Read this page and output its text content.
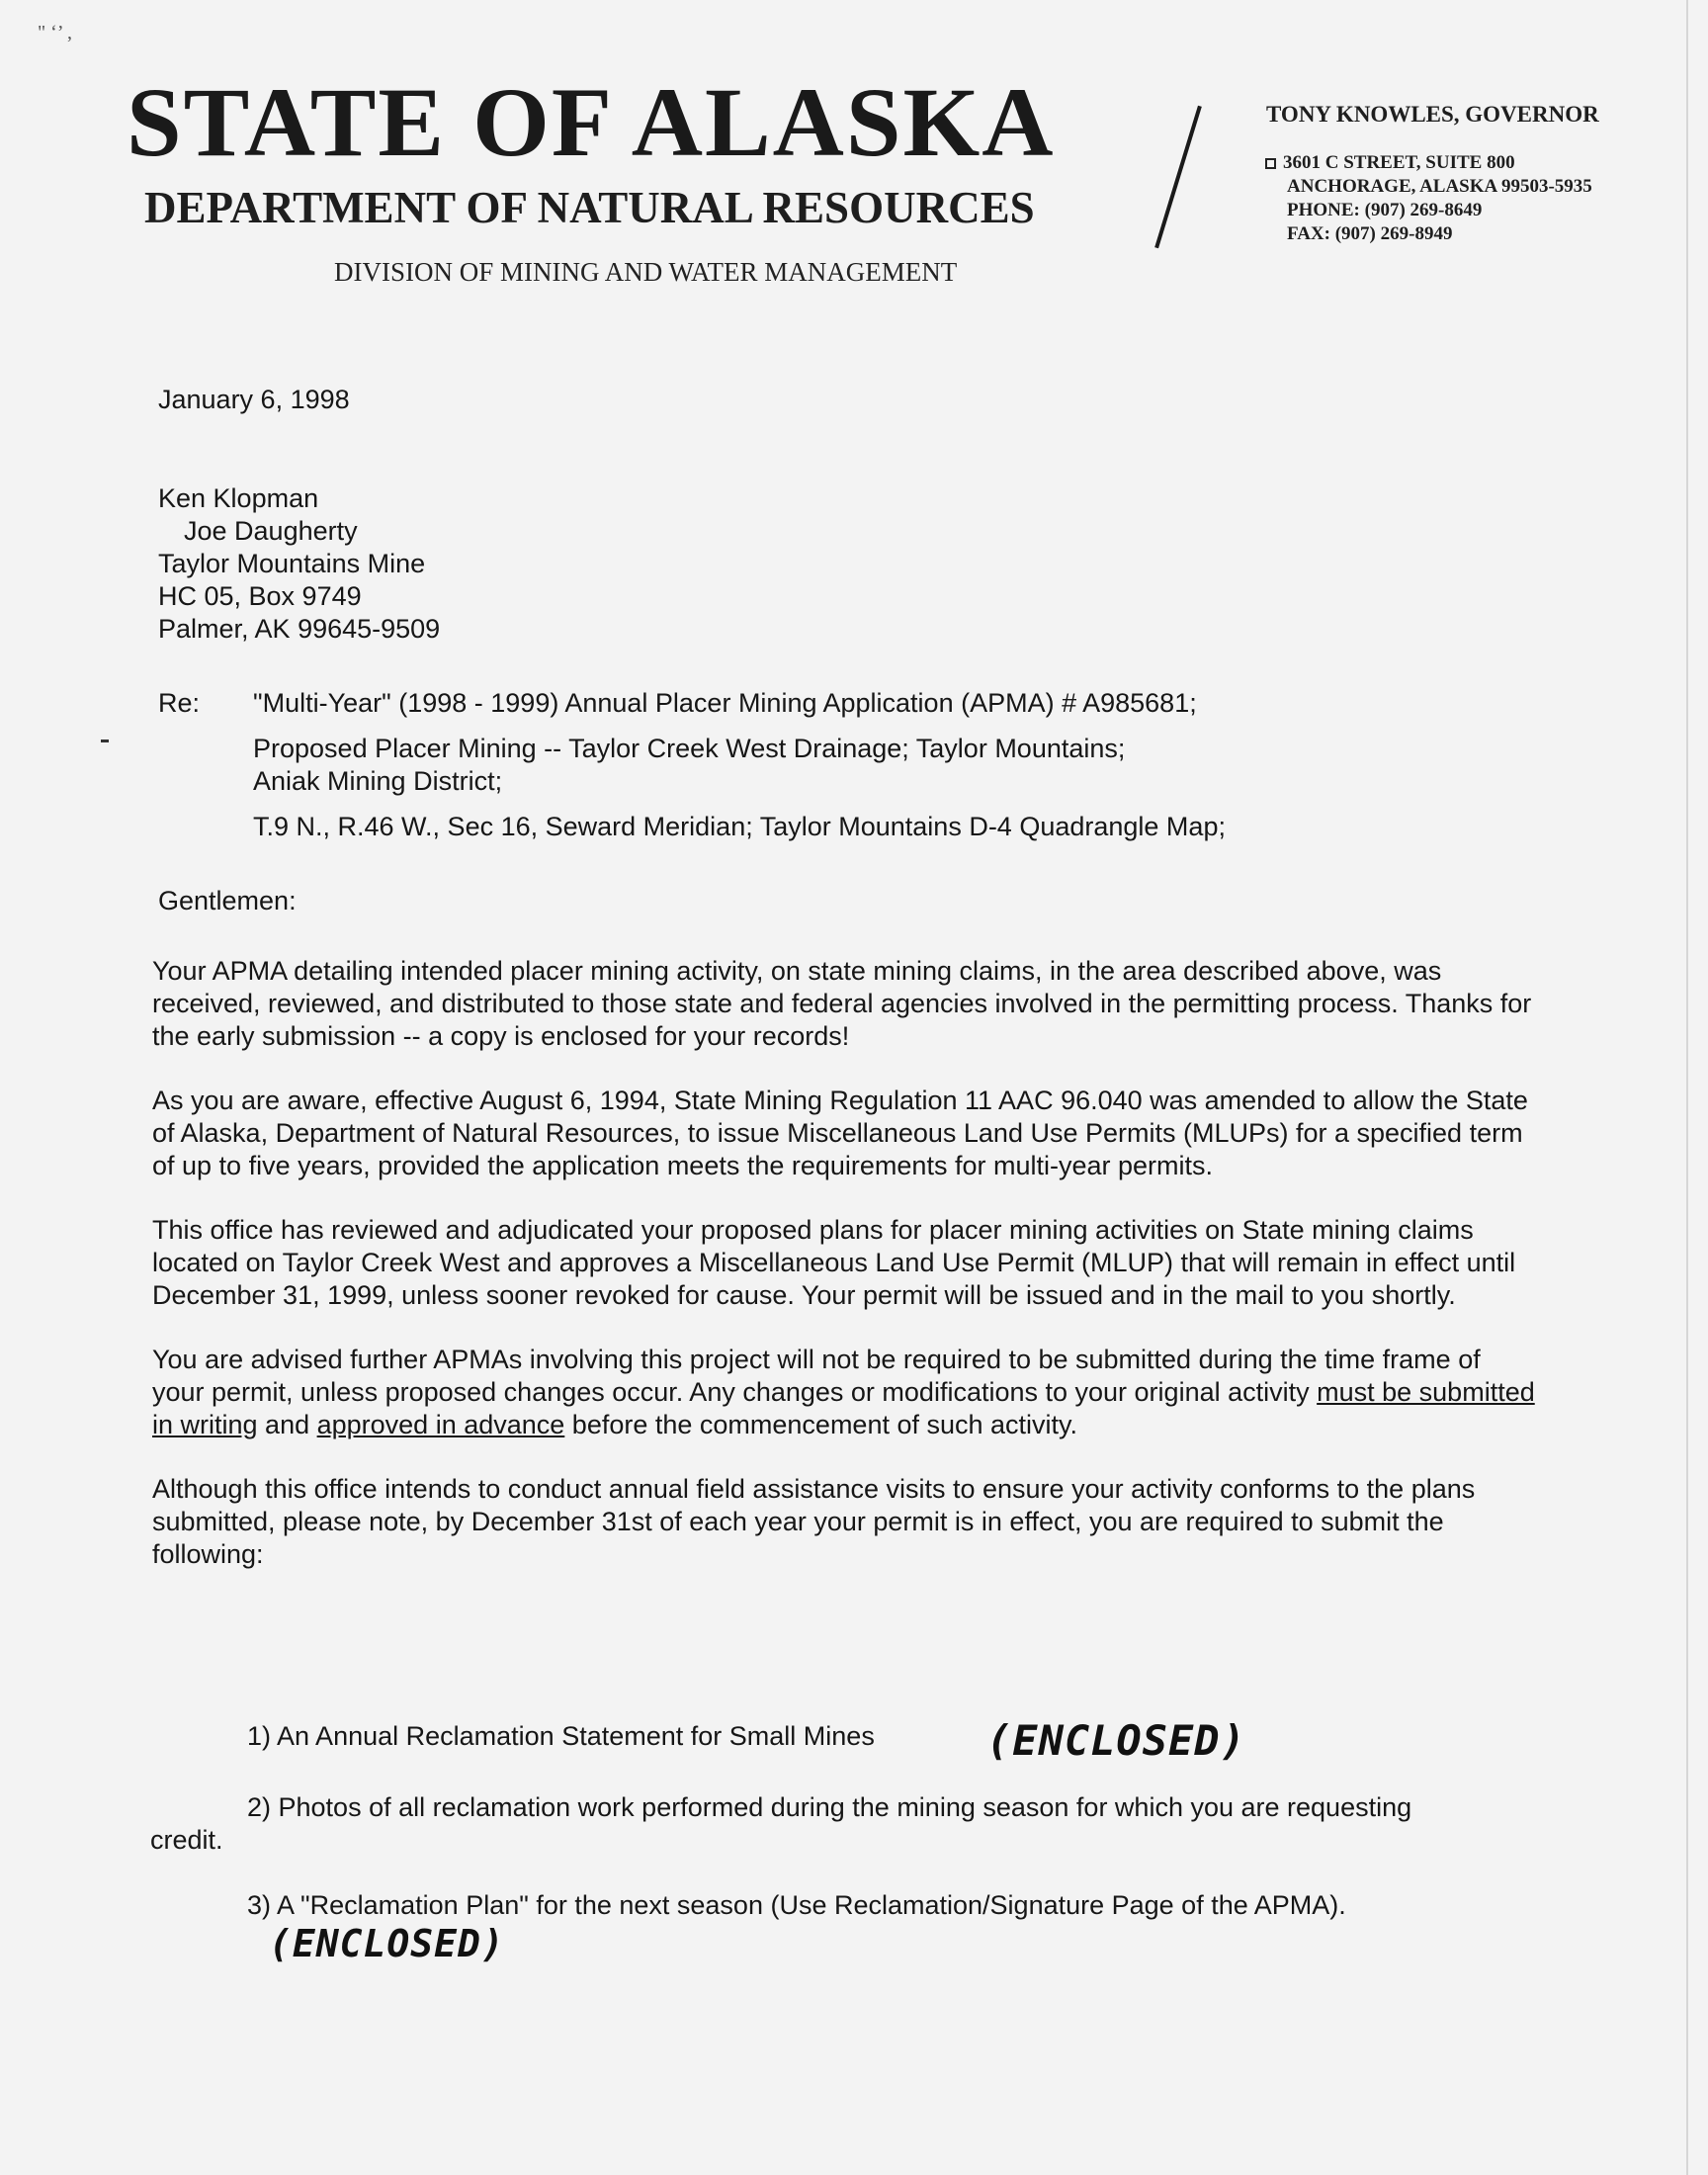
" ‘’ ,
STATE OF ALASKA
DEPARTMENT OF NATURAL RESOURCES
DIVISION OF MINING AND WATER MANAGEMENT
TONY KNOWLES, GOVERNOR
3601 C STREET, SUITE 800
ANCHORAGE, ALASKA 99503-5935
PHONE: (907) 269-8649
FAX: (907) 269-8949
January 6, 1998
Ken Klopman
Joe Daugherty
Taylor Mountains Mine
HC 05, Box 9749
Palmer, AK 99645-9509
Re: "Multi-Year" (1998 - 1999) Annual Placer Mining Application (APMA) # A985681;

Proposed Placer Mining -- Taylor Creek West Drainage; Taylor Mountains;

Aniak Mining District;

T.9 N., R.46 W., Sec 16, Seward Meridian; Taylor Mountains D-4 Quadrangle Map;

Gentlemen:

Your APMA detailing intended placer mining activity, on state mining claims, in the area described above, was received, reviewed, and distributed to those state and federal agencies involved in the permitting process. Thanks for the early submission -- a copy is enclosed for your records!

As you are aware, effective August 6, 1994, State Mining Regulation 11 AAC 96.040 was amended to allow the State of Alaska, Department of Natural Resources, to issue Miscellaneous Land Use Permits (MLUPs) for a specified term of up to five years, provided the application meets the requirements for multi-year permits.

This office has reviewed and adjudicated your proposed plans for placer mining activities on State mining claims located on Taylor Creek West and approves a Miscellaneous Land Use Permit (MLUP) that will remain in effect until December 31, 1999, unless sooner revoked for cause. Your permit will be issued and in the mail to you shortly.

You are advised further APMAs involving this project will not be required to be submitted during the time frame of your permit, unless proposed changes occur. Any changes or modifications to your original activity must be submitted in writing and approved in advance before the commencement of such activity.

Although this office intends to conduct annual field assistance visits to ensure your activity conforms to the plans submitted, please note, by December 31st of each year your permit is in effect, you are required to submit the following:

1) An Annual Reclamation Statement for Small Mines	(ENCLOSED)
2) Photos of all reclamation work performed during the mining season for which you are requesting credit.
3) A "Reclamation Plan" for the next season (Use Reclamation/Signature Page of the APMA).
(ENCLOSED)
